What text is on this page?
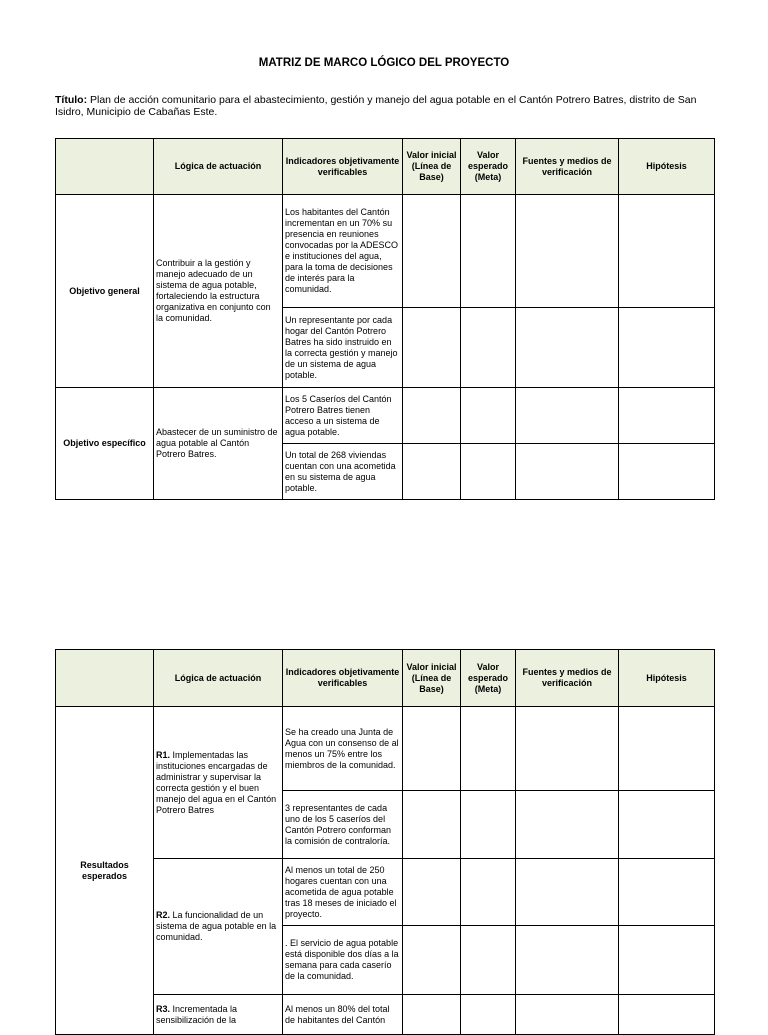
MATRIZ DE MARCO LÓGICO DEL PROYECTO
Título: Plan de acción comunitario para el abastecimiento, gestión y manejo del agua potable en el Cantón Potrero Batres, distrito de San Isidro, Municipio de Cabañas Este.
	Lógica de actuación	Indicadores objetivamente verificables	Valor inicial (Línea de Base)	Valor esperado (Meta)	Fuentes y medios de verificación	Hipótesis
Objetivo general	Contribuir a la gestión y manejo adecuado de un sistema de agua potable, fortaleciendo la estructura organizativa en conjunto con la comunidad.	Los habitantes del Cantón incrementan en un 70% su presencia en reuniones convocadas por la ADESCO e instituciones del agua, para la toma de decisiones de interés para la comunidad.				
		Un representante por cada hogar del Cantón Potrero Batres ha sido instruido en la correcta gestión y manejo de un sistema de agua potable.				
Objetivo específico	Abastecer de un suministro de agua potable al Cantón Potrero Batres.	Los 5 Caseríos del Cantón Potrero Batres tienen acceso a un sistema de agua potable.				
		Un total de 268 viviendas cuentan con una acometida en su sistema de agua potable.				
	Lógica de actuación	Indicadores objetivamente verificables	Valor inicial (Línea de Base)	Valor esperado (Meta)	Fuentes y medios de verificación	Hipótesis
Resultados esperados	R1. Implementadas las instituciones encargadas de administrar y supervisar la correcta gestión y el buen manejo del agua en el Cantón Potrero Batres	Se ha creado una Junta de Agua con un consenso de al menos un 75% entre los miembros de la comunidad.				
		3 representantes de cada uno de los 5 caseríos del Cantón Potrero conforman la comisión de contraloría.				
	R2. La funcionalidad de un sistema de agua potable en la comunidad.	Al menos un total de 250 hogares cuentan con una acometida de agua potable tras 18 meses de iniciado el proyecto.				
		. El servicio de agua potable está disponible dos días a la semana para cada caserío de la comunidad.				
	R3. Incrementada la sensibilización de la	Al menos un 80% del total de habitantes del Cantón				
